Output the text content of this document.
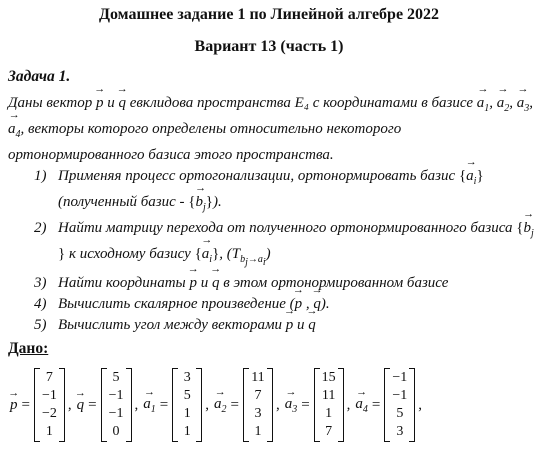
Домашнее задание 1 по Линейной алгебре 2022
Вариант 13 (часть 1)
Задача 1.
Даны вектор → p и → q евклидова пространства E₄ с координатами в базисе → $a_1$, → $a_2$, → $a_3$, → $a_4$, векторы которого определены относительно некоторого ортонормированного базиса этого пространства.
1) Применяя процесс ортогонализации, ортонормировать базис {→ $a_i$}
(полученный базис - {→ $b_j$}).
2) Найти матрицу перехода от полученного ортонормированного базиса {→ $b_j$} к исходному базису {→ $a_i$}, $(T_{b_j\to a_i})$
3) Найти координаты → p и → q в этом ортонормированном базисе
4) Вычислить скалярное произведение (→ p , → q).
5) Вычислить угол между векторами → p и → q
Дано:
→ p =
7
−1
−2
1
, → q =
5
−1
−1
0
, → $a_1$ =
3
5
1
1
, → $a_2$ =
11
7
3
1
, → $a_3$ =
15
11
1
7
, → $a_4$ =
−1
−1
5
3
,
